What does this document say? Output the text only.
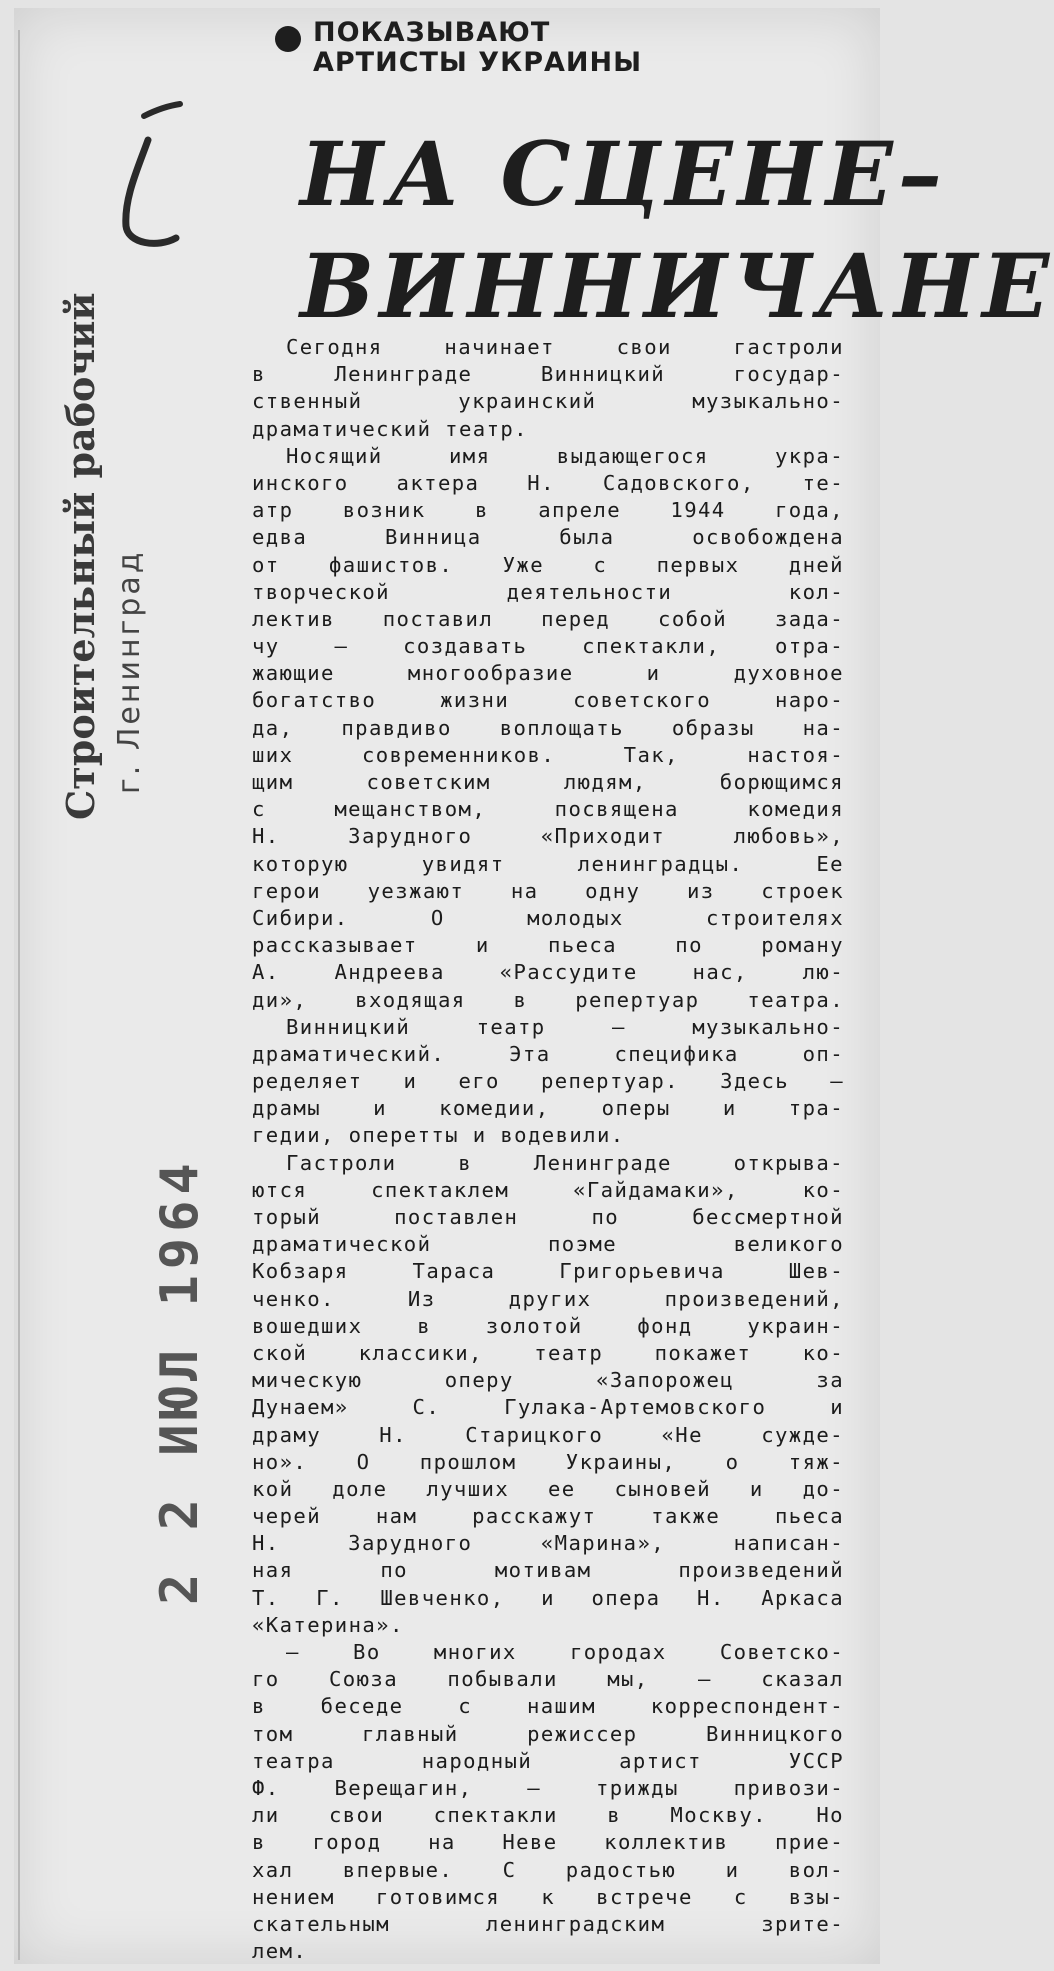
ПОКАЗЫВАЮТ
АРТИСТЫ УКРАИНЫ
НА СЦЕНЕ–
ВИННИЧАНЕ
Строительный рабочий г. Ленинград
2 2 ИЮЛ 1964
Сегодня начинает свои гастроли
в Ленинграде Винницкий государ-
ственный украинский музыкально-
драматический театр.
Носящий имя выдающегося укра-
инского актера Н. Садовского, те-
атр возник в апреле 1944 года,
едва Винница была освобождена
от фашистов. Уже с первых дней
творческой деятельности кол-
лектив поставил перед собой зада-
чу — создавать спектакли, отра-
жающие многообразие и духовное
богатство жизни советского наро-
да, правдиво воплощать образы на-
ших современников. Так, настоя-
щим советским людям, борющимся
с мещанством, посвящена комедия
Н. Зарудного «Приходит любовь»,
которую увидят ленинградцы. Ее
герои уезжают на одну из строек
Сибири. О молодых строителях
рассказывает и пьеса по роману
А. Андреева «Рассудите нас, лю-
ди», входящая в репертуар театра.
Винницкий театр — музыкально-
драматический. Эта специфика оп-
ределяет и его репертуар. Здесь —
драмы и комедии, оперы и тра-
гедии, оперетты и водевили.
Гастроли в Ленинграде открыва-
ются спектаклем «Гайдамаки», ко-
торый поставлен по бессмертной
драматической поэме великого
Кобзаря Тараса Григорьевича Шев-
ченко. Из других произведений,
вошедших в золотой фонд украин-
ской классики, театр покажет ко-
мическую оперу «Запорожец за
Дунаем» С. Гулака-Артемовского и
драму Н. Старицкого «Не сужде-
но». О прошлом Украины, о тяж-
кой доле лучших ее сыновей и до-
черей нам расскажут также пьеса
Н. Зарудного «Марина», написан-
ная по мотивам произведений
Т. Г. Шевченко, и опера Н. Аркаса
«Катерина».
— Во многих городах Советско-
го Союза побывали мы, — сказал
в беседе с нашим корреспондент-
том главный режиссер Винницкого
театра народный артист УССР
Ф. Верещагин, — трижды привози-
ли свои спектакли в Москву. Но
в город на Неве коллектив прие-
хал впервые. С радостью и вол-
нением готовимся к встрече с взы-
скательным ленинградским зрите-
лем.
